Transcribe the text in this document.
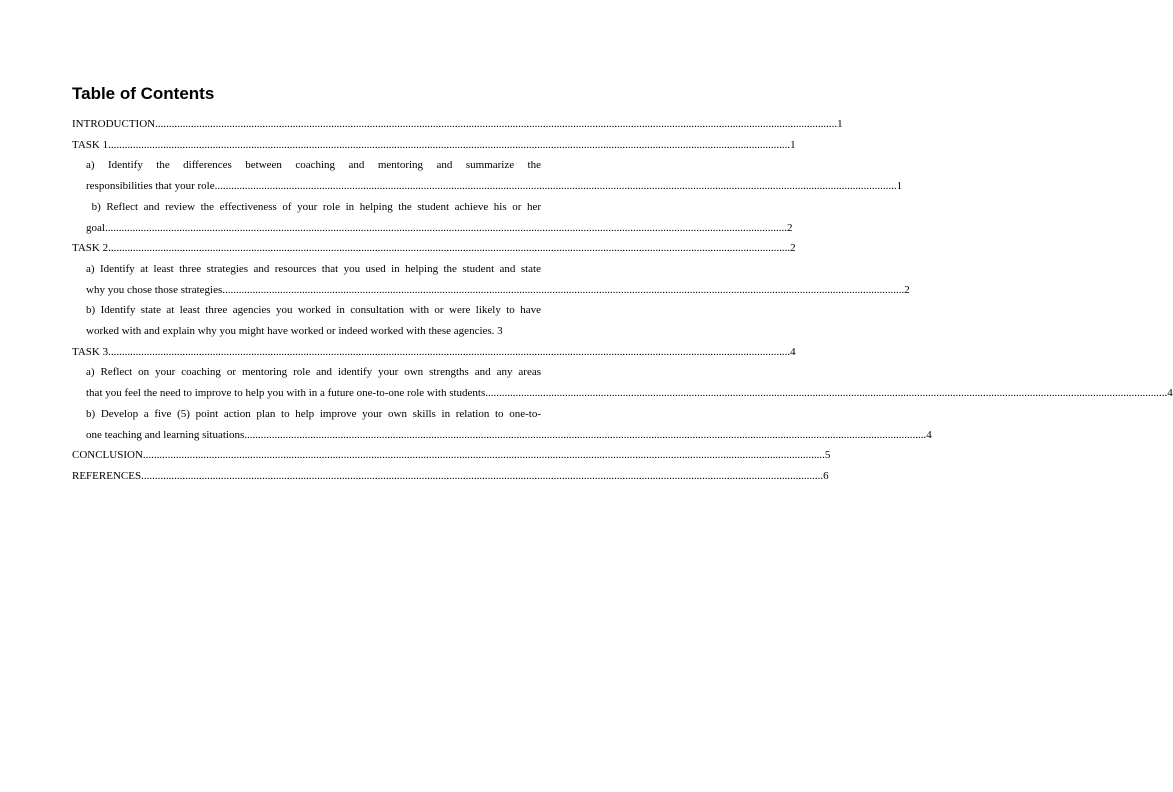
Table of Contents
INTRODUCTION .....	1
TASK 1 .....	1
a) Identify the differences between coaching and mentoring and summarize the
responsibilities that your role .....	1
b) Reflect and review the effectiveness of your role in helping the student achieve his or her
goal .....	2
TASK 2 .....	2
a) Identify at least three strategies and resources that you used in helping the student and state
why you chose those strategies .....	2
b) Identify state at least three agencies you worked in consultation with or were likely to have
worked with and explain why you might have worked or indeed worked with these agencies. 3
TASK 3 .....	4
a) Reflect on your coaching or mentoring role and identify your own strengths and any areas
that you feel the need to improve to help you with in a future one-to-one role with students .....	4
b) Develop a five (5) point action plan to help improve your own skills in relation to one-to-
one teaching and learning situations .....	4
CONCLUSION .....	5
REFERENCES .....	6
